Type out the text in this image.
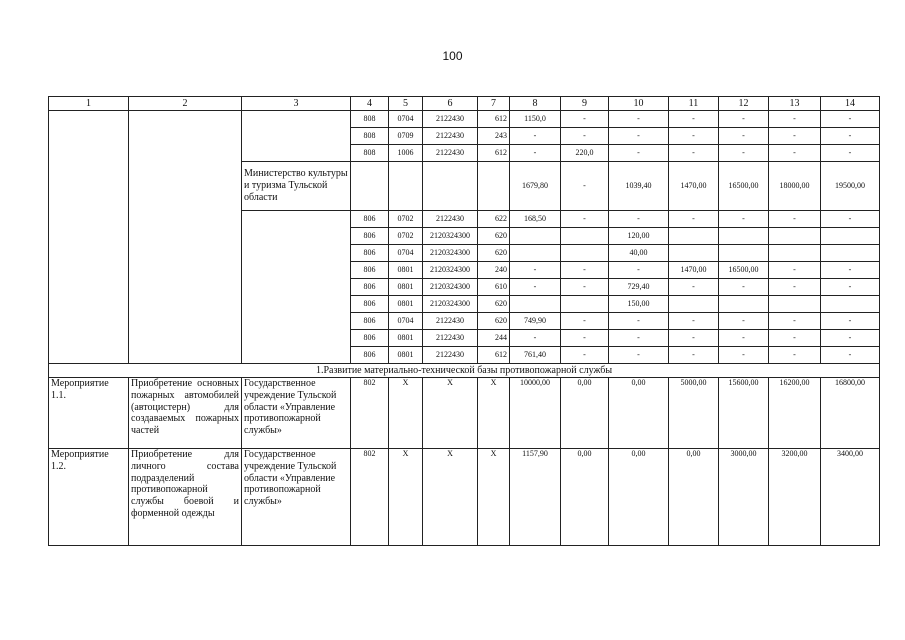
100
1	2	3	4	5	6	7	8	9	10	11	12	13	14
			808	0704	2122430	612	1150,0	-	-	-	-	-	-
			808	0709	2122430	243	-	-	-	-	-	-	-
			808	1006	2122430	612	-	220,0	-	-	-	-	-
		Министерство культуры и туризма Тульской области					1679,80	-	1039,40	1470,00	16500,00	18000,00	19500,00
			806	0702	2122430	622	168,50	-	-	-	-	-	-
			806	0702	2120324300	620			120,00				
			806	0704	2120324300	620			40,00				
			806	0801	2120324300	240	-	-	-	1470,00	16500,00	-	-
			806	0801	2120324300	610	-	-	729,40	-	-	-	-
			806	0801	2120324300	620			150,00				
			806	0704	2122430	620	749,90	-	-	-	-	-	-
			806	0801	2122430	244	-	-	-	-	-	-	-
			806	0801	2122430	612	761,40	-	-	-	-	-	-
1.Развитие материально-технической базы противопожарной службы													
Мероприятие 1.1.	Приобретение основных пожарных автомобилей (автоцистерн) для создаваемых пожарных частей	Государственное учреждение Тульской области «Управление противопожарной службы»	802	Х	Х	Х	10000,00	0,00	0,00	5000,00	15600,00	16200,00	16800,00
Мероприятие 1.2.	Приобретение для личного состава подразделений противопожарной службы боевой и форменной одежды	Государственное учреждение Тульской области «Управление противопожарной службы»	802	Х	Х	Х	1157,90	0,00	0,00	0,00	3000,00	3200,00	3400,00
